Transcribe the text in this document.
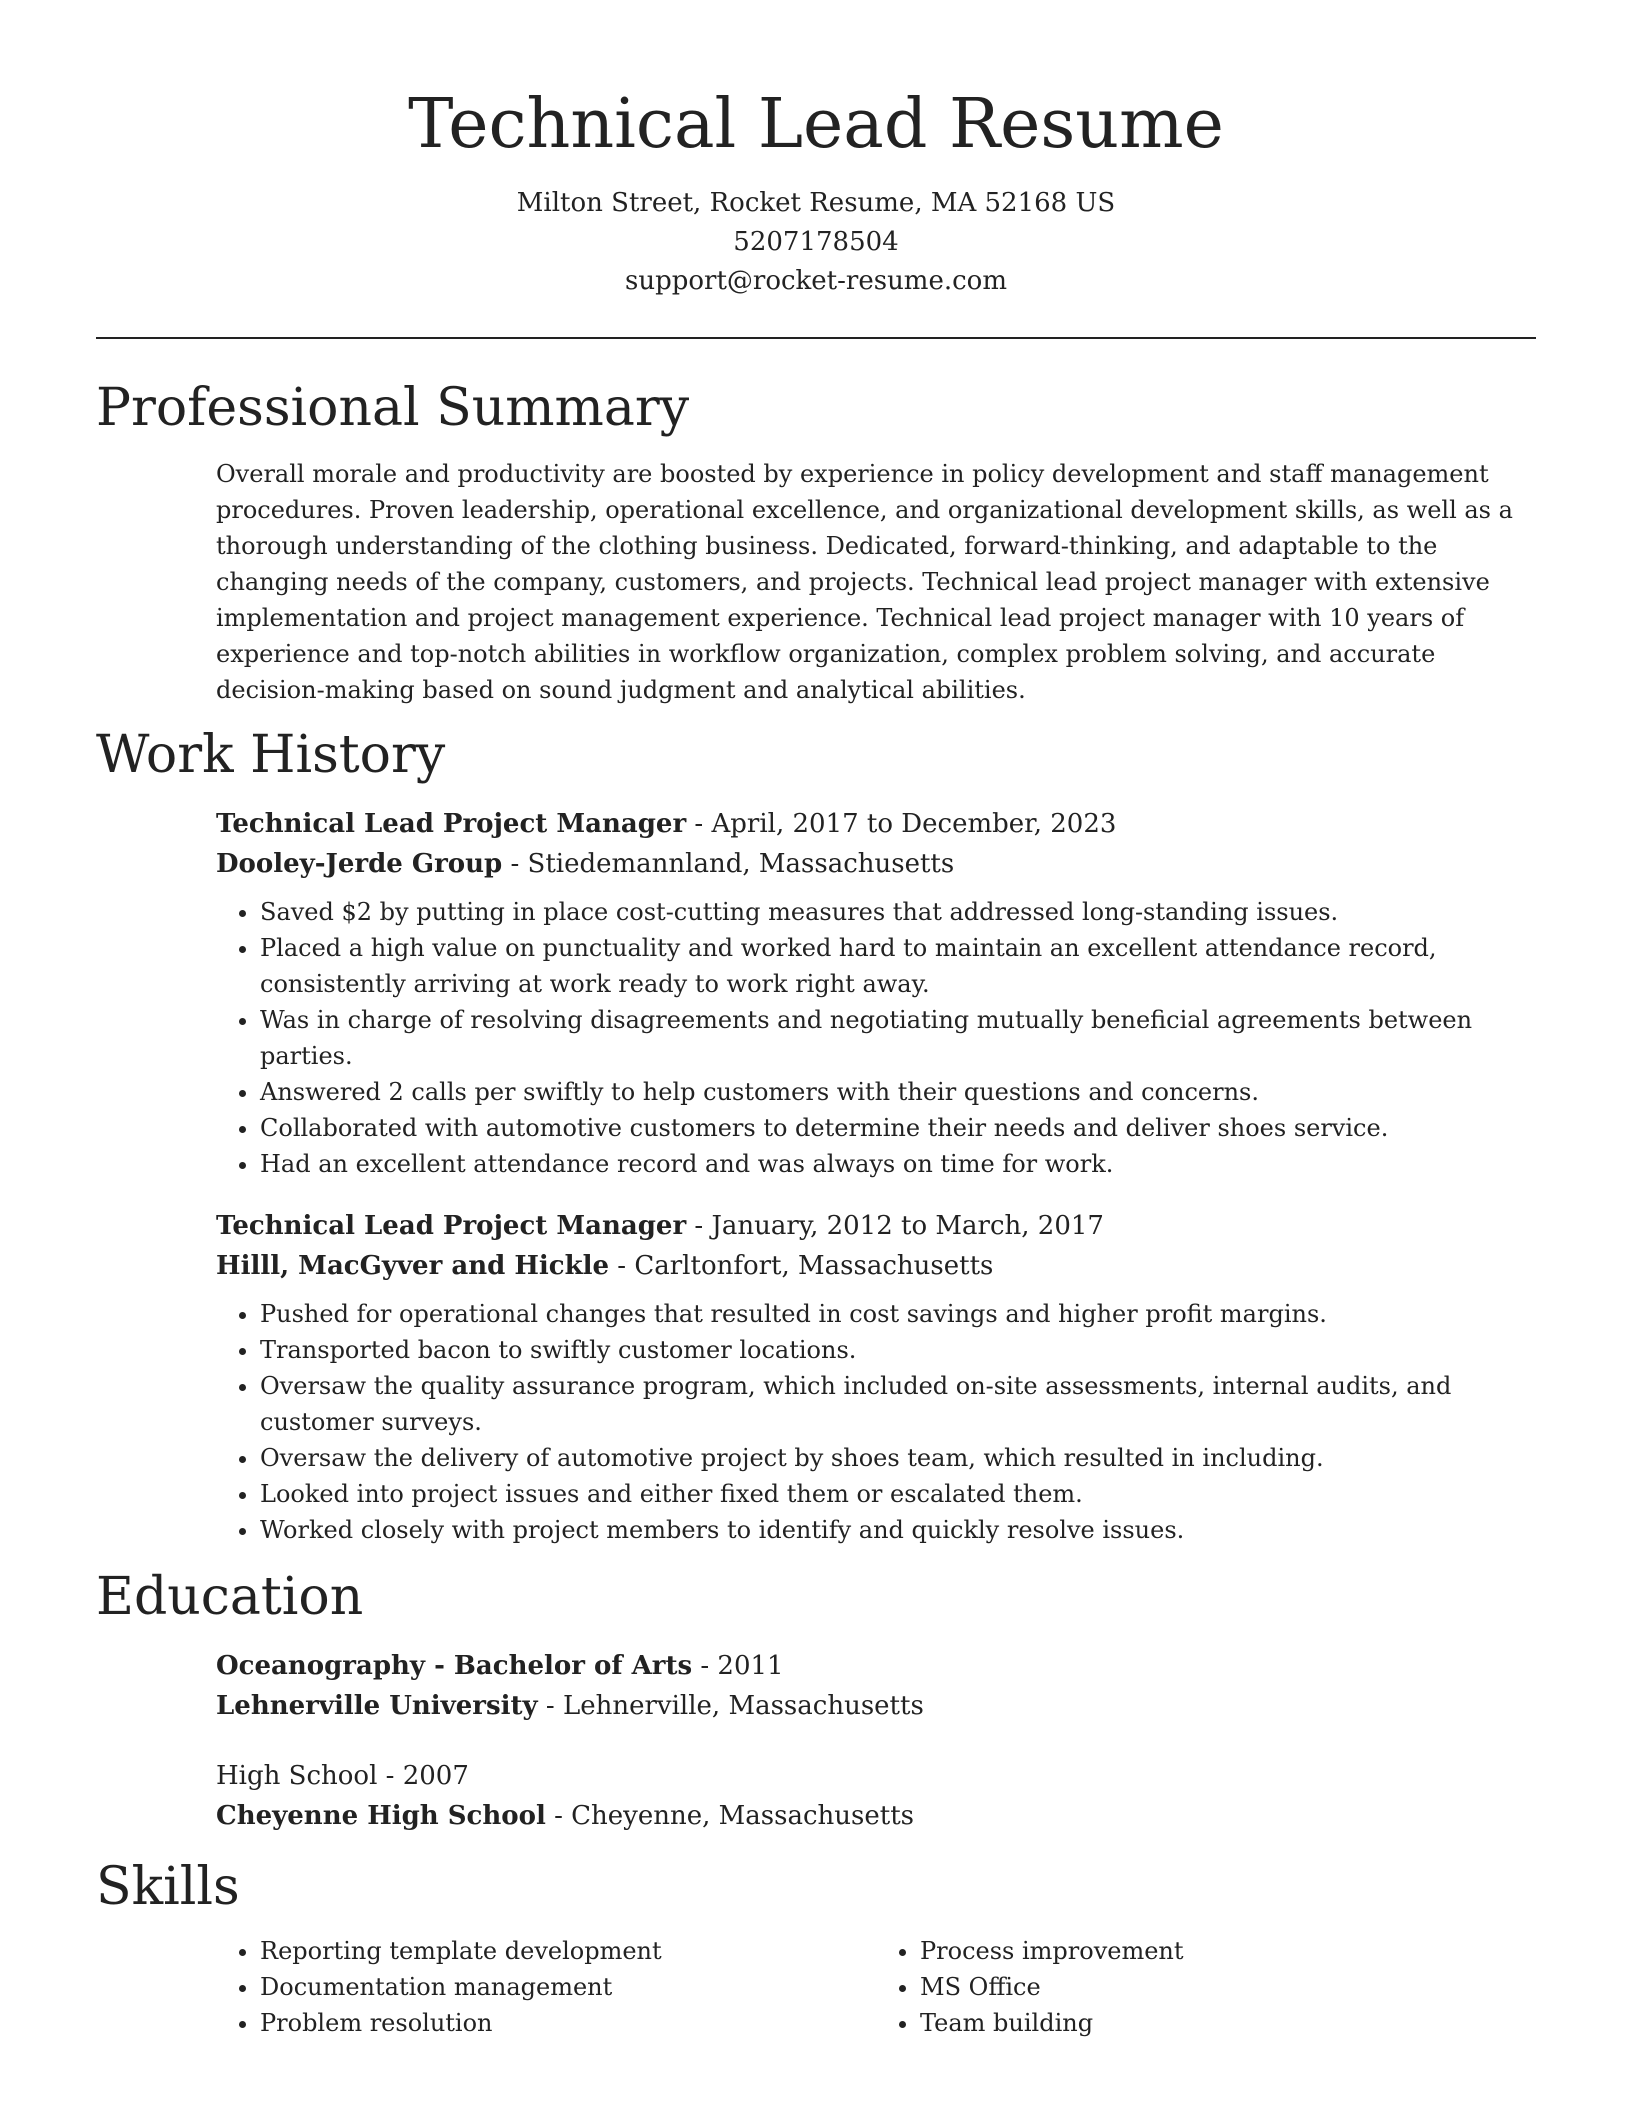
Technical Lead Resume
Milton Street, Rocket Resume, MA 52168 US
5207178504
support@rocket-resume.com
Professional Summary

Overall morale and productivity are boosted by experience in policy development and staff management procedures. Proven leadership, operational excellence, and organizational development skills, as well as a thorough understanding of the clothing business. Dedicated, forward-thinking, and adaptable to the changing needs of the company, customers, and projects. Technical lead project manager with extensive implementation and project management experience. Technical lead project manager with 10 years of experience and top-notch abilities in workflow organization, complex problem solving, and accurate decision-making based on sound judgment and analytical abilities.

Work History

Technical Lead Project Manager - April, 2017 to December, 2023

Dooley-Jerde Group - Stiedemannland, Massachusetts

• Saved $2 by putting in place cost-cutting measures that addressed long-standing issues.
• Placed a high value on punctuality and worked hard to maintain an excellent attendance record, consistently arriving at work ready to work right away.
• Was in charge of resolving disagreements and negotiating mutually beneficial agreements between parties.
• Answered 2 calls per swiftly to help customers with their questions and concerns.
• Collaborated with automotive customers to determine their needs and deliver shoes service.
• Had an excellent attendance record and was always on time for work.

Technical Lead Project Manager - January, 2012 to March, 2017

Hilll, MacGyver and Hickle - Carltonfort, Massachusetts

• Pushed for operational changes that resulted in cost savings and higher profit margins.
• Transported bacon to swiftly customer locations.
• Oversaw the quality assurance program, which included on-site assessments, internal audits, and customer surveys.
• Oversaw the delivery of automotive project by shoes team, which resulted in including.
• Looked into project issues and either fixed them or escalated them.
• Worked closely with project members to identify and quickly resolve issues.
Education

Oceanography - Bachelor of Arts - 2011

Lehnerville University - Lehnerville, Massachusetts

High School - 2007

Cheyenne High School - Cheyenne, Massachusetts

Skills
• Reporting template development
• Documentation management
• Problem resolution
• Process improvement
• MS Office
• Team building
